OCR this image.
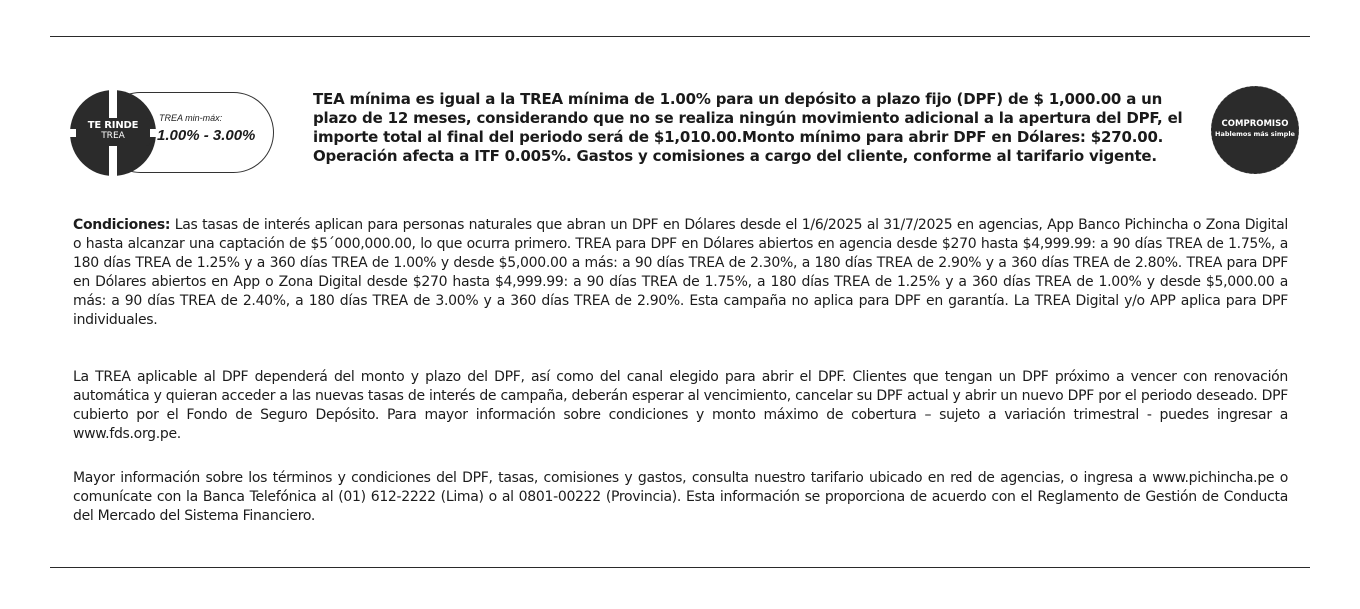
TE RINDE
TREA
TREA min-máx:
1.00% - 3.00%
TEA mínima es igual a la TREA mínima de 1.00% para un depósito a plazo fijo (DPF) de $ 1,000.00 a un plazo de 12 meses, considerando que no se realiza ningún movimiento adicional a la apertura del DPF, el importe total al final del periodo será de $1,010.00.Monto mínimo para abrir DPF en Dólares: $270.00. Operación afecta a ITF 0.005%. Gastos y comisiones a cargo del cliente, conforme al tarifario vigente.
COMPROMISO
Hablemos más simple
Condiciones: Las tasas de interés aplican para personas naturales que abran un DPF en Dólares desde el 1/6/2025 al 31/7/2025 en agencias, App Banco Pichincha o Zona Digital o hasta alcanzar una captación de $5´000,000.00, lo que ocurra primero. TREA para DPF en Dólares abiertos en agencia desde $270 hasta $4,999.99: a 90 días TREA de 1.75%, a 180 días TREA de 1.25% y a 360 días TREA de 1.00% y desde $5,000.00 a más: a 90 días TREA de 2.30%, a 180 días TREA de 2.90% y a 360 días TREA de 2.80%. TREA para DPF en Dólares abiertos en App o Zona Digital desde $270 hasta $4,999.99: a 90 días TREA de 1.75%, a 180 días TREA de 1.25% y a 360 días TREA de 1.00% y desde $5,000.00 a más: a 90 días TREA de 2.40%, a 180 días TREA de 3.00% y a 360 días TREA de 2.90%. Esta campaña no aplica para DPF en garantía. La TREA Digital y/o APP aplica para DPF individuales.
La TREA aplicable al DPF dependerá del monto y plazo del DPF, así como del canal elegido para abrir el DPF. Clientes que tengan un DPF próximo a vencer con renovación automática y quieran acceder a las nuevas tasas de interés de campaña, deberán esperar al vencimiento, cancelar su DPF actual y abrir un nuevo DPF por el periodo deseado. DPF cubierto por el Fondo de Seguro Depósito. Para mayor información sobre condiciones y monto máximo de cobertura – sujeto a variación trimestral - puedes ingresar a www.fds.org.pe.
Mayor información sobre los términos y condiciones del DPF, tasas, comisiones y gastos, consulta nuestro tarifario ubicado en red de agencias, o ingresa a www.pichincha.pe o comunícate con la Banca Telefónica al (01) 612-2222 (Lima) o al 0801-00222 (Provincia). Esta información se proporciona de acuerdo con el Reglamento de Gestión de Conducta del Mercado del Sistema Financiero.
